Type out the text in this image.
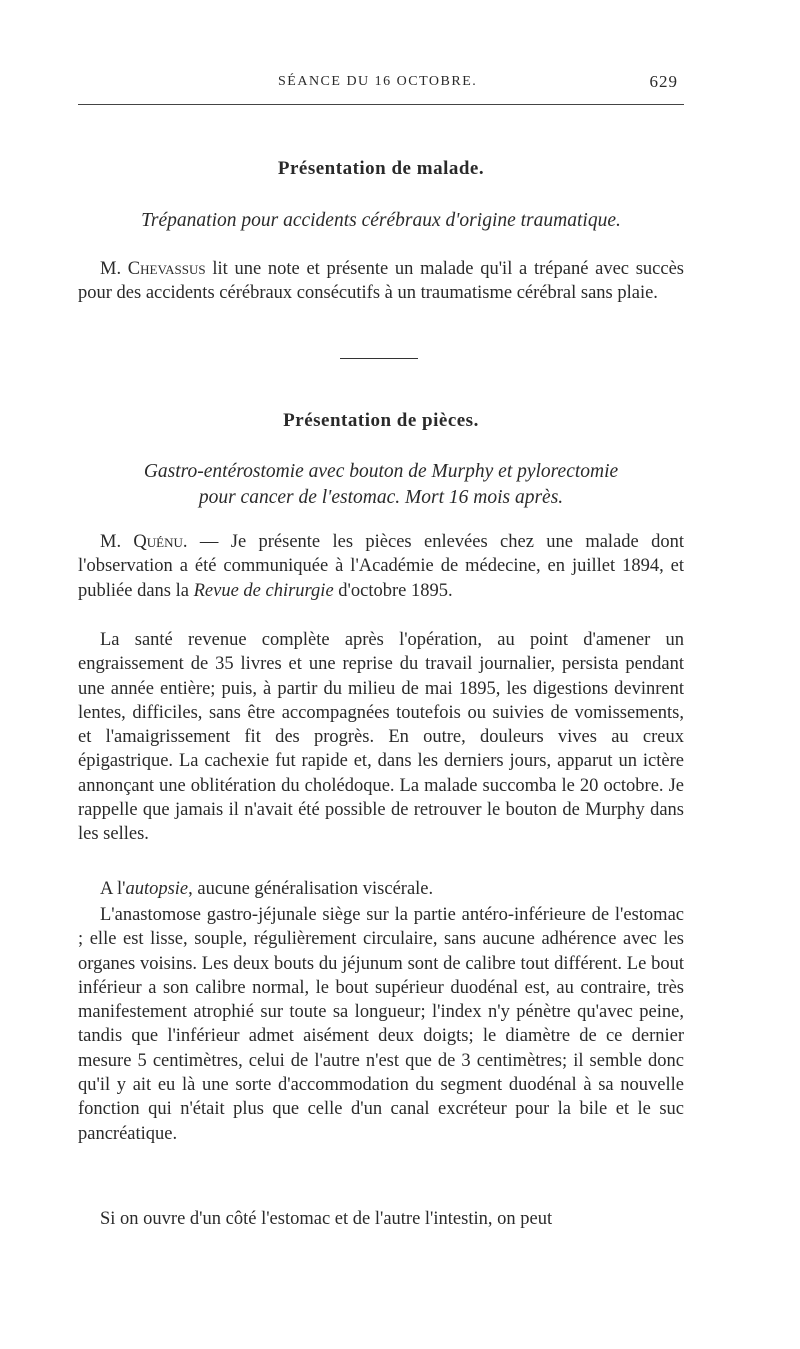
SÉANCE DU 16 OCTOBRE.	629
Présentation de malade.
Trépanation pour accidents cérébraux d'origine traumatique.

M. Chevassus lit une note et présente un malade qu'il a trépané avec succès pour des accidents cérébraux consécutifs à un traumatisme cérébral sans plaie.

Présentation de pièces.
Gastro-entérostomie avec bouton de Murphy et pylorectomie
pour cancer de l'estomac. Mort 16 mois après.

M. Quénu. — Je présente les pièces enlevées chez une malade dont l'observation a été communiquée à l'Académie de médecine, en juillet 1894, et publiée dans la Revue de chirurgie d'octobre 1895.

La santé revenue complète après l'opération, au point d'amener un engraissement de 35 livres et une reprise du travail journalier, persista pendant une année entière; puis, à partir du milieu de mai 1895, les digestions devinrent lentes, difficiles, sans être accompagnées toutefois ou suivies de vomissements, et l'amaigrissement fit des progrès. En outre, douleurs vives au creux épigastrique. La cachexie fut rapide et, dans les derniers jours, apparut un ictère annonçant une oblitération du cholédoque. La malade succomba le 20 octobre. Je rappelle que jamais il n'avait été possible de retrouver le bouton de Murphy dans les selles.

A l'autopsie, aucune généralisation viscérale.

L'anastomose gastro-jéjunale siège sur la partie antéro-inférieure de l'estomac ; elle est lisse, souple, régulièrement circulaire, sans aucune adhérence avec les organes voisins. Les deux bouts du jéjunum sont de calibre tout différent. Le bout inférieur a son calibre normal, le bout supérieur duodénal est, au contraire, très manifestement atrophié sur toute sa longueur; l'index n'y pénètre qu'avec peine, tandis que l'inférieur admet aisément deux doigts; le diamètre de ce dernier mesure 5 centimètres, celui de l'autre n'est que de 3 centimètres; il semble donc qu'il y ait eu là une sorte d'accommodation du segment duodénal à sa nouvelle fonction qui n'était plus que celle d'un canal excréteur pour la bile et le suc pancréatique.

Si on ouvre d'un côté l'estomac et de l'autre l'intestin, on peut
